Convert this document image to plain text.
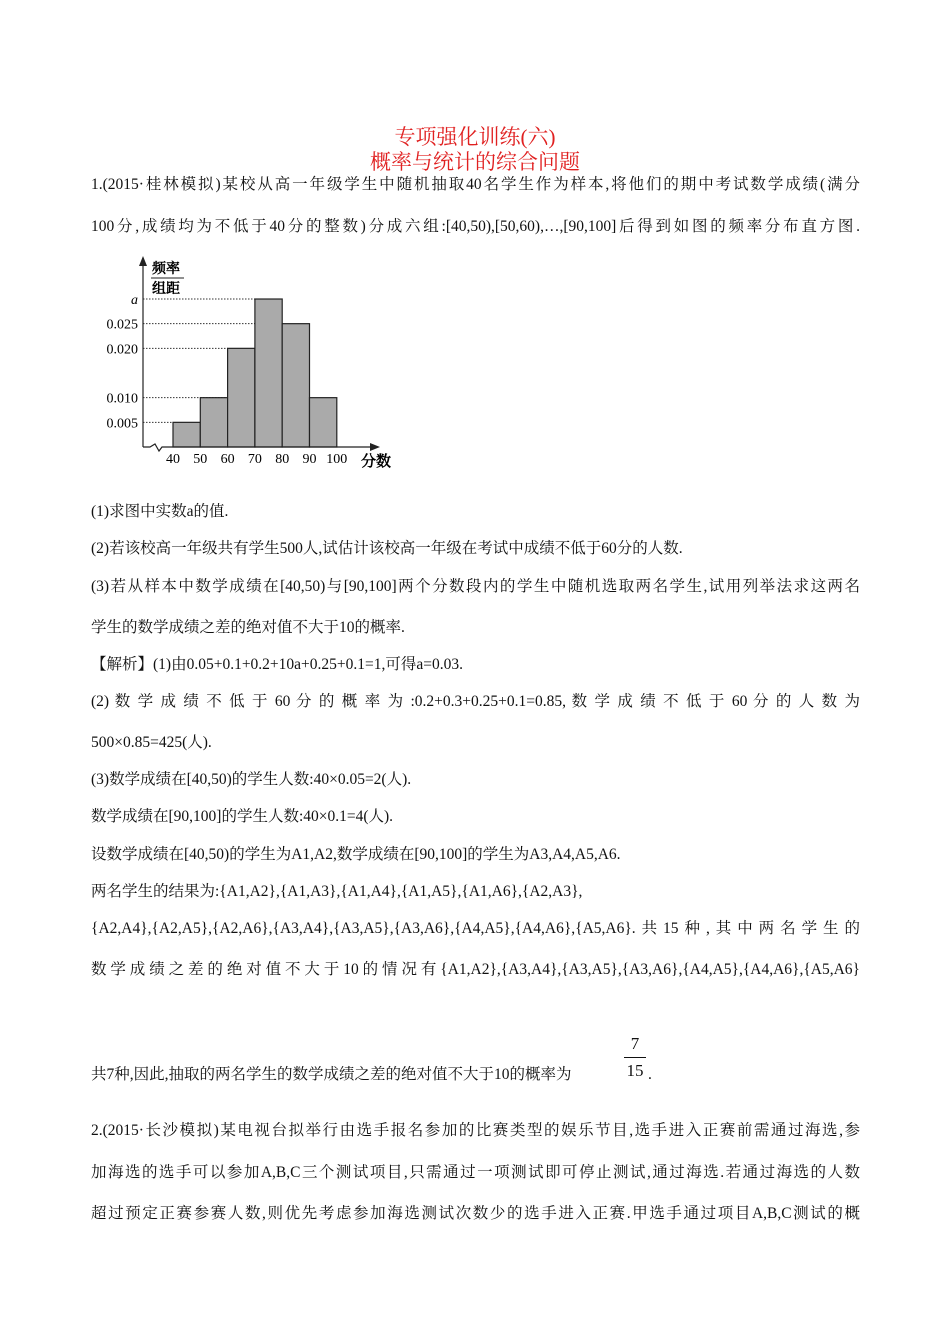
专项强化训练(六)
概率与统计的综合问题
1.(2015·桂林模拟)某校从高一年级学生中随机抽取40名学生作为样本,将他们的期中考试数学成绩(满分
100分,成绩均为不低于40分的整数)分成六组:[40,50),[50,60),…,[90,100]后得到如图的频率分布直方图.
0.005
0.010
0.020
0.025
a
40 50 60 70 80 90 100 分数
频率
组距
(1)求图中实数a的值.
(2)若该校高一年级共有学生500人,试估计该校高一年级在考试中成绩不低于60分的人数.
(3)若从样本中数学成绩在[40,50)与[90,100]两个分数段内的学生中随机选取两名学生,试用列举法求这两名
学生的数学成绩之差的绝对值不大于10的概率.
【解析】(1)由0.05+0.1+0.2+10a+0.25+0.1=1,可得a=0.03.
(2) 数 学 成 绩 不 低 于 60 分 的 概 率 为 :0.2+0.3+0.25+0.1=0.85, 数 学 成 绩 不 低 于 60 分 的 人 数 为
500×0.85=425(人).
(3)数学成绩在[40,50)的学生人数:40×0.05=2(人).
数学成绩在[90,100]的学生人数:40×0.1=4(人).
设数学成绩在[40,50)的学生为A1,A2,数学成绩在[90,100]的学生为A3,A4,A5,A6.
两名学生的结果为:{A1,A2},{A1,A3},{A1,A4},{A1,A5},{A1,A6},{A2,A3},
{A2,A4},{A2,A5},{A2,A6},{A3,A4},{A3,A5},{A3,A6},{A4,A5},{A4,A6},{A5,A6}.共15种,其中两名学生的
数学成绩之差的绝对值不大于10的情况有{A1,A2},{A3,A4},{A3,A5},{A3,A6},{A4,A5},{A4,A6},{A5,A6}
共7种,因此,抽取的两名学生的数学成绩之差的绝对值不大于10的概率为
7
15 .
2.(2015·长沙模拟)某电视台拟举行由选手报名参加的比赛类型的娱乐节目,选手进入正赛前需通过海选,参
加海选的选手可以参加A,B,C三个测试项目,只需通过一项测试即可停止测试,通过海选.若通过海选的人数
超过预定正赛参赛人数,则优先考虑参加海选测试次数少的选手进入正赛.甲选手通过项目A,B,C测试的概
